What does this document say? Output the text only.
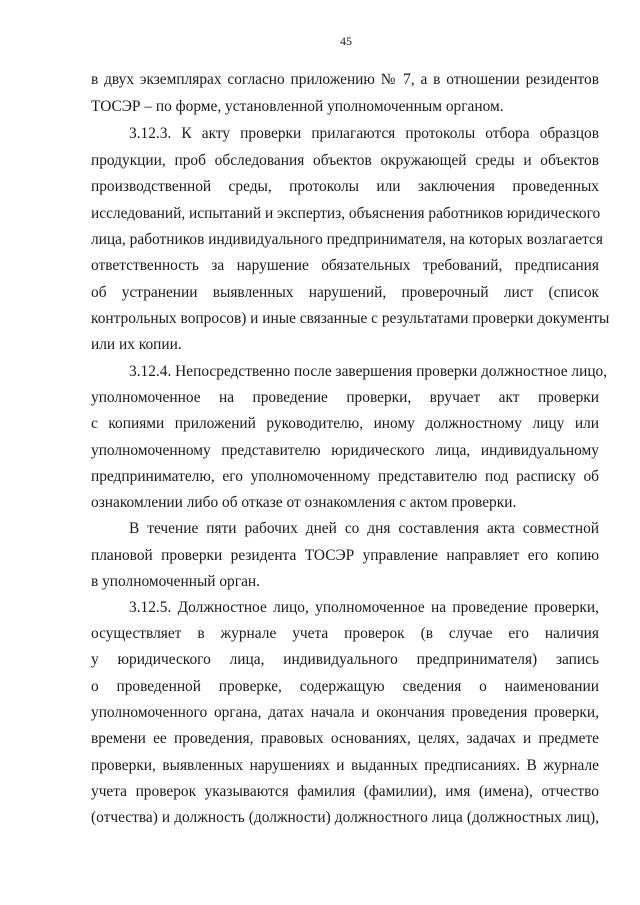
45
в двух экземплярах согласно приложению № 7, а в отношении резидентов
ТОСЭР – по форме, установленной уполномоченным органом.
3.12.3. К акту проверки прилагаются протоколы отбора образцов
продукции, проб обследования объектов окружающей среды и объектов
производственной среды, протоколы или заключения проведенных
исследований, испытаний и экспертиз, объяснения работников юридического
лица, работников индивидуального предпринимателя, на которых возлагается
ответственность за нарушение обязательных требований, предписания
об устранении выявленных нарушений, проверочный лист (список
контрольных вопросов) и иные связанные с результатами проверки документы
или их копии.
3.12.4. Непосредственно после завершения проверки должностное лицо,
уполномоченное на проведение проверки, вручает акт проверки
с копиями приложений руководителю, иному должностному лицу или
уполномоченному представителю юридического лица, индивидуальному
предпринимателю, его уполномоченному представителю под расписку об
ознакомлении либо об отказе от ознакомления с актом проверки.
В течение пяти рабочих дней со дня составления акта совместной
плановой проверки резидента ТОСЭР управление направляет его копию
в уполномоченный орган.
3.12.5. Должностное лицо, уполномоченное на проведение проверки,
осуществляет в журнале учета проверок (в случае его наличия
у юридического лица, индивидуального предпринимателя) запись
о проведенной проверке, содержащую сведения о наименовании
уполномоченного органа, датах начала и окончания проведения проверки,
времени ее проведения, правовых основаниях, целях, задачах и предмете
проверки, выявленных нарушениях и выданных предписаниях. В журнале
учета проверок указываются фамилия (фамилии), имя (имена), отчество
(отчества) и должность (должности) должностного лица (должностных лиц),
